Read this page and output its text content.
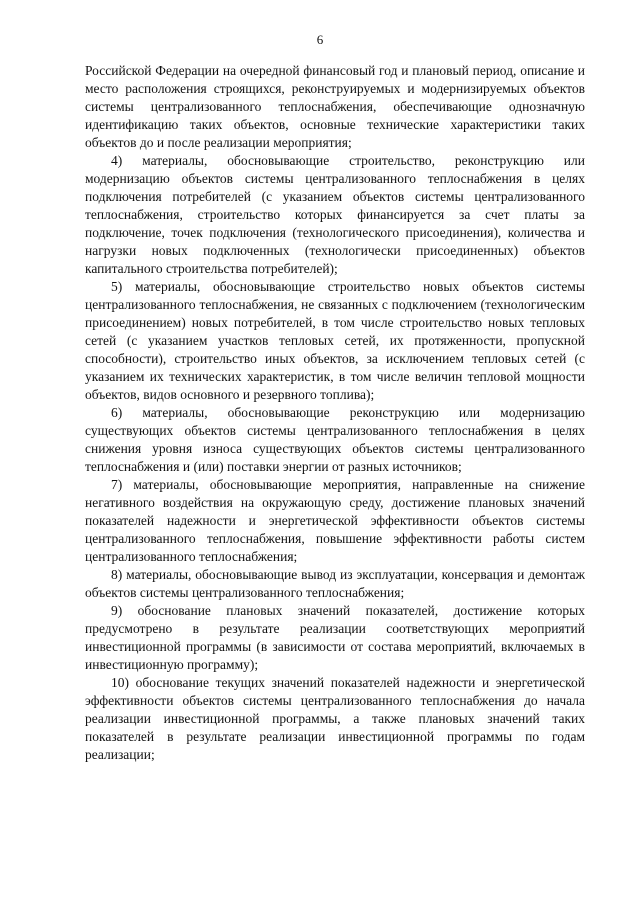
6

Российской Федерации на очередной финансовый год и плановый период, описание и место расположения строящихся, реконструируемых и модернизируемых объектов системы централизованного теплоснабжения, обеспечивающие однозначную идентификацию таких объектов, основные технические характеристики таких объектов до и после реализации мероприятия;

4) материалы, обосновывающие строительство, реконструкцию или модернизацию объектов системы централизованного теплоснабжения в целях подключения потребителей (с указанием объектов системы централизованного теплоснабжения, строительство которых финансируется за счет платы за подключение, точек подключения (технологического присоединения), количества и нагрузки новых подключенных (технологически присоединенных) объектов капитального строительства потребителей);

5) материалы, обосновывающие строительство новых объектов системы централизованного теплоснабжения, не связанных с подключением (технологическим присоединением) новых потребителей, в том числе строительство новых тепловых сетей (с указанием участков тепловых сетей, их протяженности, пропускной способности), строительство иных объектов, за исключением тепловых сетей (с указанием их технических характеристик, в том числе величин тепловой мощности объектов, видов основного и резервного топлива);

6) материалы, обосновывающие реконструкцию или модернизацию существующих объектов системы централизованного теплоснабжения в целях снижения уровня износа существующих объектов системы централизованного теплоснабжения и (или) поставки энергии от разных источников;

7) материалы, обосновывающие мероприятия, направленные на снижение негативного воздействия на окружающую среду, достижение плановых значений показателей надежности и энергетической эффективности объектов системы централизованного теплоснабжения, повышение эффективности работы систем централизованного теплоснабжения;

8) материалы, обосновывающие вывод из эксплуатации, консервация и демонтаж объектов системы централизованного теплоснабжения;

9) обоснование плановых значений показателей, достижение которых предусмотрено в результате реализации соответствующих мероприятий инвестиционной программы (в зависимости от состава мероприятий, включаемых в инвестиционную программу);

10) обоснование текущих значений показателей надежности и энергетической эффективности объектов системы централизованного теплоснабжения до начала реализации инвестиционной программы, а также плановых значений таких показателей в результате реализации инвестиционной программы по годам реализации;
